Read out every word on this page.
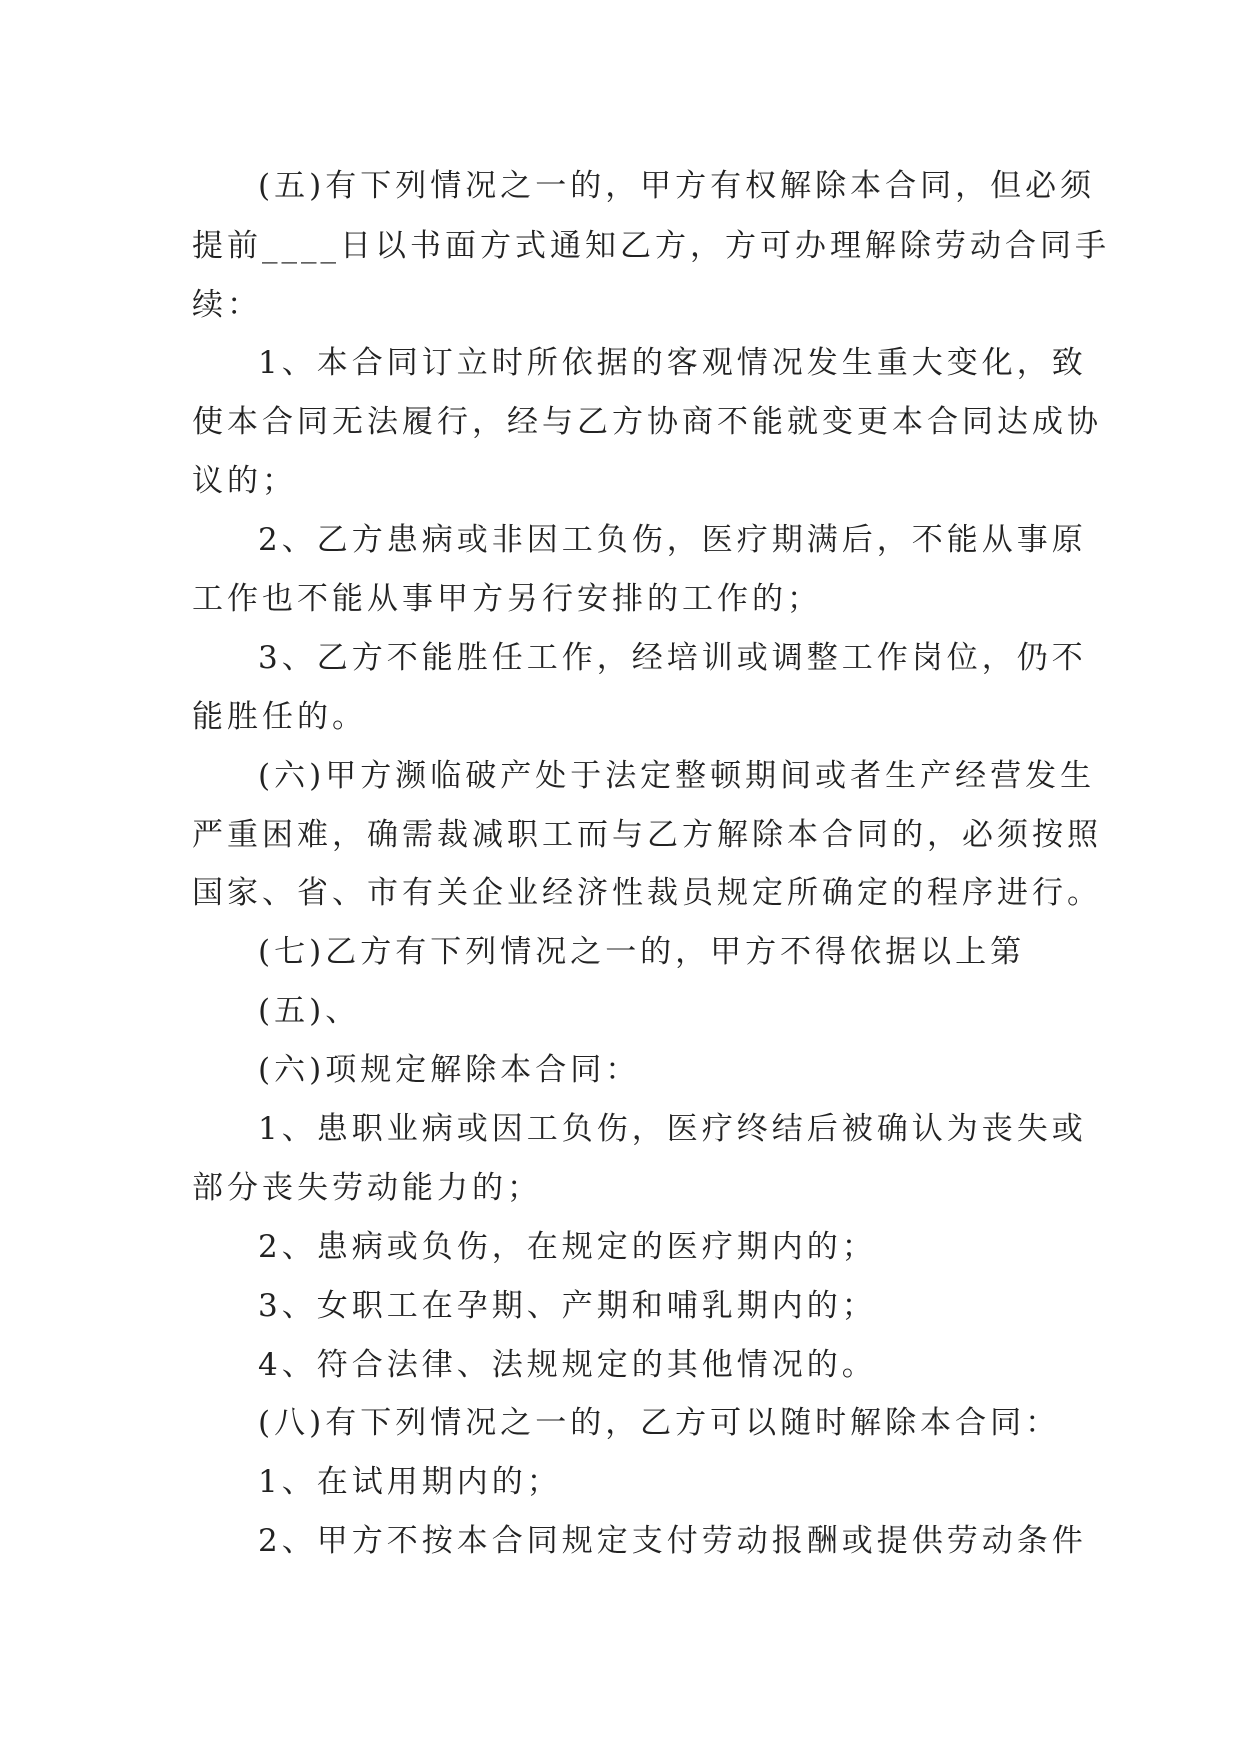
(五)有下列情况之一的，甲方有权解除本合同，但必须
提前____日以书面方式通知乙方，方可办理解除劳动合同手
续：
1、本合同订立时所依据的客观情况发生重大变化，致
使本合同无法履行，经与乙方协商不能就变更本合同达成协
议的；
2、乙方患病或非因工负伤，医疗期满后，不能从事原
工作也不能从事甲方另行安排的工作的；
3、乙方不能胜任工作，经培训或调整工作岗位，仍不
能胜任的。
(六)甲方濒临破产处于法定整顿期间或者生产经营发生
严重困难，确需裁减职工而与乙方解除本合同的，必须按照
国家、省、市有关企业经济性裁员规定所确定的程序进行。
(七)乙方有下列情况之一的，甲方不得依据以上第
(五)、
(六)项规定解除本合同：
1、患职业病或因工负伤，医疗终结后被确认为丧失或
部分丧失劳动能力的；
2、患病或负伤，在规定的医疗期内的；
3、女职工在孕期、产期和哺乳期内的；
4、符合法律、法规规定的其他情况的。
(八)有下列情况之一的，乙方可以随时解除本合同：
1、在试用期内的；
2、甲方不按本合同规定支付劳动报酬或提供劳动条件
